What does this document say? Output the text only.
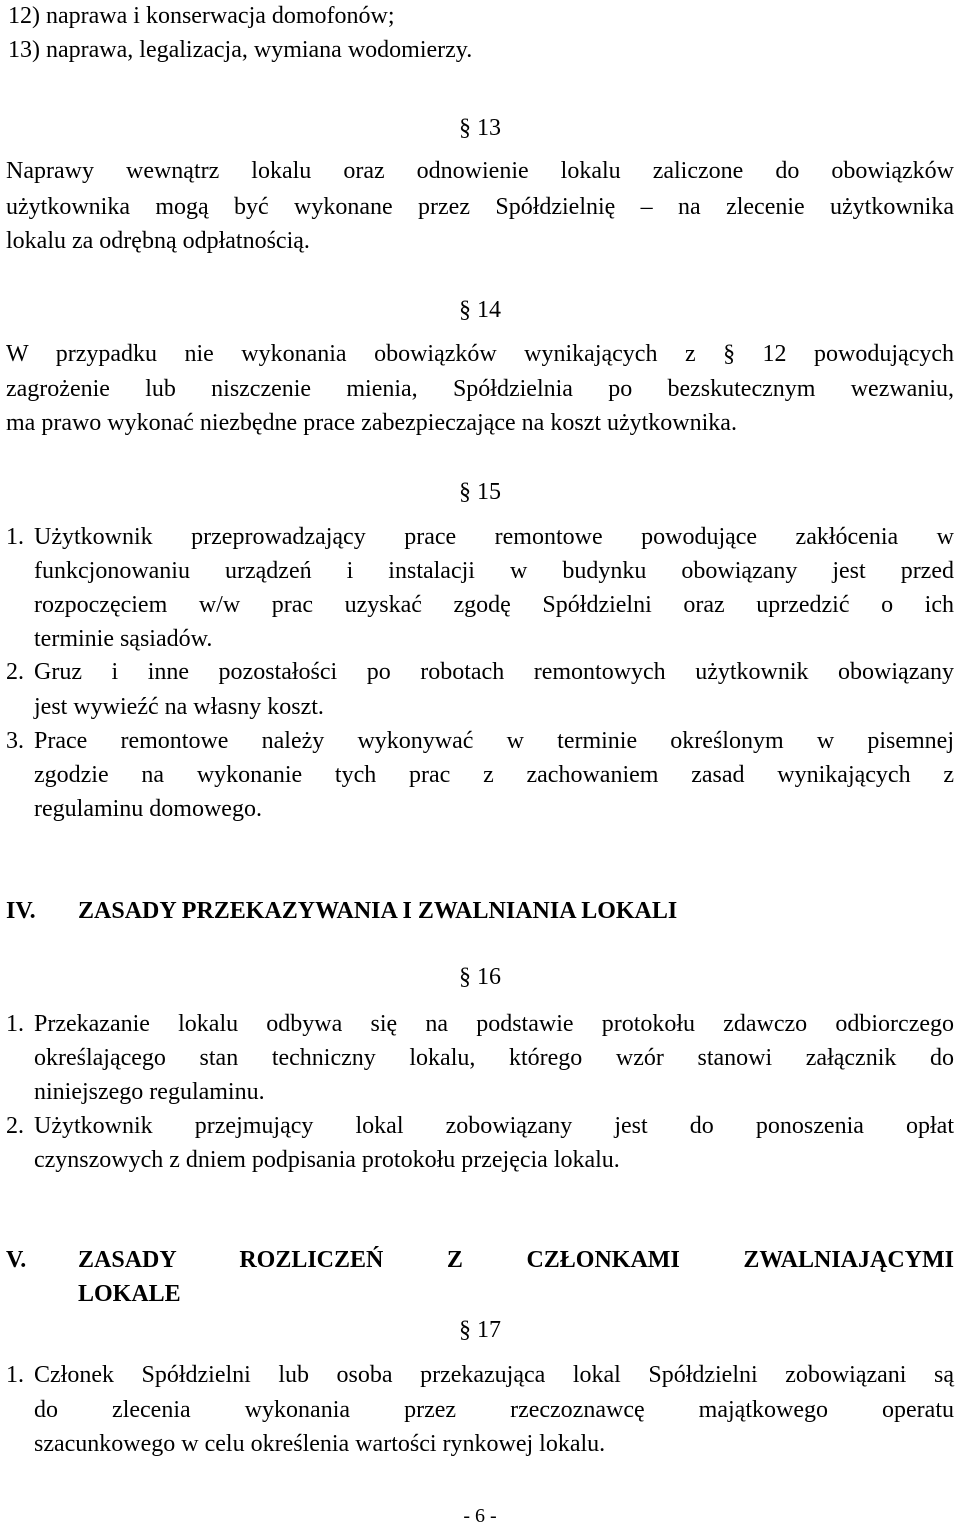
12) naprawa i konserwacja domofonów;
13) naprawa, legalizacja, wymiana wodomierzy.
§ 13
Naprawy wewnątrz lokalu oraz odnowienie lokalu zaliczone do obowiązków
użytkownika mogą być wykonane przez Spółdzielnię – na zlecenie użytkownika
lokalu za odrębną odpłatnością.
§ 14
W przypadku nie wykonania obowiązków wynikających z § 12 powodujących
zagrożenie lub niszczenie mienia, Spółdzielnia po bezskutecznym wezwaniu,
ma prawo wykonać niezbędne prace zabezpieczające na koszt użytkownika.
§ 15
1. Użytkownik przeprowadzający prace remontowe powodujące zakłócenia w
funkcjonowaniu urządzeń i instalacji w budynku obowiązany jest przed
rozpoczęciem w/w prac uzyskać zgodę Spółdzielni oraz uprzedzić o ich
terminie sąsiadów.
2. Gruz i inne pozostałości po robotach remontowych użytkownik obowiązany
jest wywieźć na własny koszt.
3. Prace remontowe należy wykonywać w terminie określonym w pisemnej
zgodzie na wykonanie tych prac z zachowaniem zasad wynikających z
regulaminu domowego.
IV. ZASADY PRZEKAZYWANIA I ZWALNIANIA LOKALI
§ 16
1. Przekazanie lokalu odbywa się na podstawie protokołu zdawczo odbiorczego
określającego stan techniczny lokalu, którego wzór stanowi załącznik do
niniejszego regulaminu.
2. Użytkownik przejmujący lokal zobowiązany jest do ponoszenia opłat
czynszowych z dniem podpisania protokołu przejęcia lokalu.
V. ZASADY ROZLICZEŃ Z CZŁONKAMI ZWALNIAJĄCYMI
LOKALE
§ 17
1. Członek Spółdzielni lub osoba przekazująca lokal Spółdzielni zobowiązani są
do zlecenia wykonania przez rzeczoznawcę majątkowego operatu
szacunkowego w celu określenia wartości rynkowej lokalu.
- 6 -
